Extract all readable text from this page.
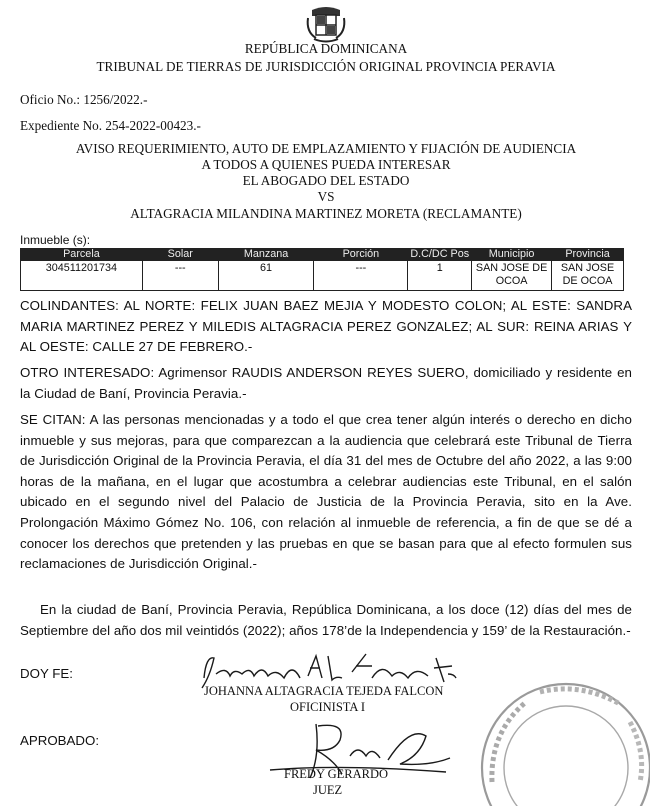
REPÚBLICA DOMINICANA
TRIBUNAL DE TIERRAS DE JURISDICCIÓN ORIGINAL PROVINCIA PERAVIA
Oficio No.: 1256/2022.-
Expediente No. 254-2022-00423.-
AVISO REQUERIMIENTO, AUTO DE EMPLAZAMIENTO Y FIJACIÓN DE AUDIENCIA
A TODOS A QUIENES PUEDA INTERESAR
EL ABOGADO DEL ESTADO
VS
ALTAGRACIA MILANDINA MARTINEZ MORETA (RECLAMANTE)
Inmueble (s):
Parcela	Solar	Manzana	Porción	D.C/DC Pos	Municipio	Provincia
304511201734	---	61	---	1	SAN JOSE DE OCOA	SAN JOSE DE OCOA
COLINDANTES: AL NORTE: FELIX JUAN BAEZ MEJIA Y MODESTO COLON; AL ESTE: SANDRA MARIA MARTINEZ PEREZ Y MILEDIS ALTAGRACIA PEREZ GONZALEZ; AL SUR: REINA ARIAS Y AL OESTE: CALLE 27 DE FEBRERO.-
OTRO INTERESADO: Agrimensor RAUDIS ANDERSON REYES SUERO, domiciliado y residente en la Ciudad de Baní, Provincia Peravia.-
SE CITAN: A las personas mencionadas y a todo el que crea tener algún interés o derecho en dicho inmueble y sus mejoras, para que comparezcan a la audiencia que celebrará este Tribunal de Tierra de Jurisdicción Original de la Provincia Peravia, el día 31 del mes de Octubre del año 2022, a las 9:00 horas de la mañana, en el lugar que acostumbra a celebrar audiencias este Tribunal, en el salón ubicado en el segundo nivel del Palacio de Justicia de la Provincia Peravia, sito en la Ave. Prolongación Máximo Gómez No. 106, con relación al inmueble de referencia, a fin de que se dé a conocer los derechos que pretenden y las pruebas en que se basan para que al efecto formulen sus reclamaciones de Jurisdicción Original.-
En la ciudad de Baní, Provincia Peravia, República Dominicana, a los doce (12) días del mes de Septiembre del año dos mil veintidós (2022); años 178’de la Independencia y 159’ de la Restauración.-
DOY FE:
JOHANNA ALTAGRACIA TEJEDA FALCON
OFICINISTA I
APROBADO:
FREDY GERARDO
JUEZ
